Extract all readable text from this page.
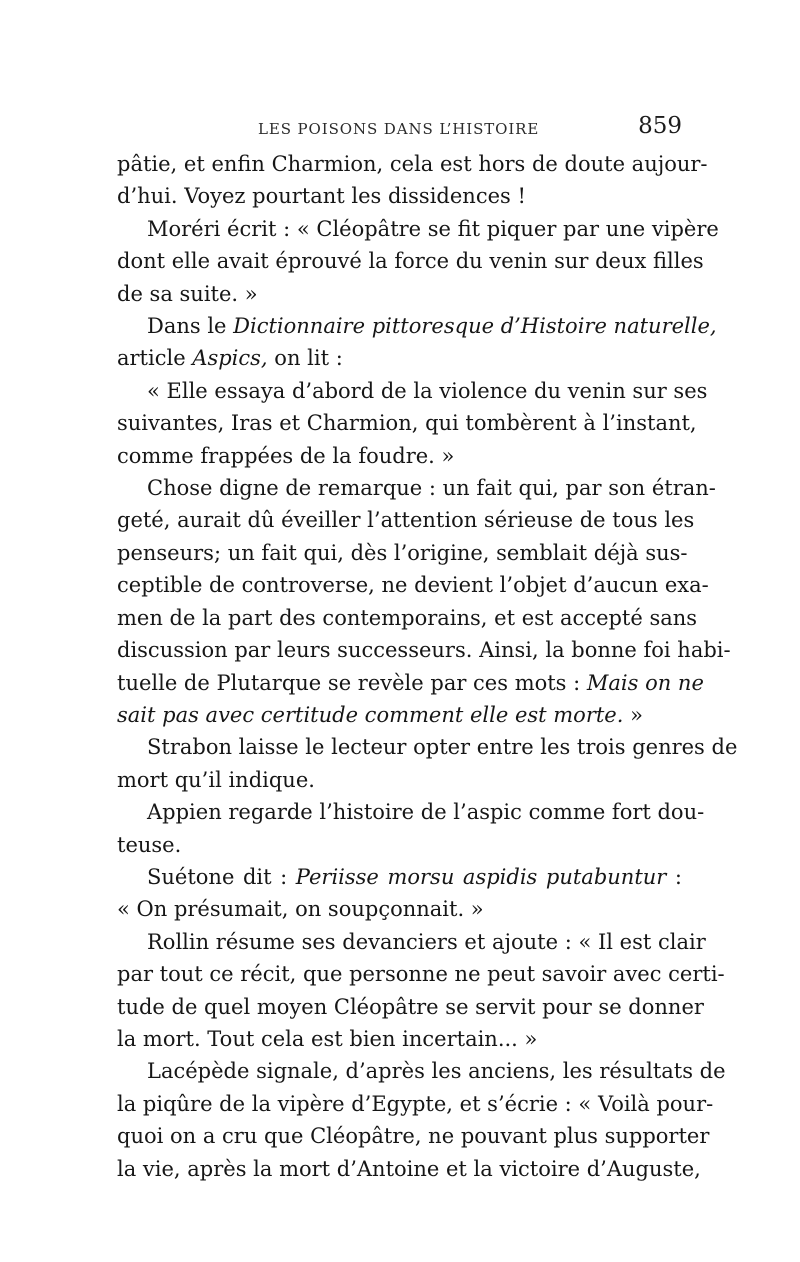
LES POISONS DANS L’HISTOIRE	859

pâtie, et enfin Charmion, cela est hors de doute aujour-
d’hui. Voyez pourtant les dissidences !

Moréri écrit : « Cléopâtre se fit piquer par une vipère
dont elle avait éprouvé la force du venin sur deux filles
de sa suite. »

Dans le Dictionnaire pittoresque d’Histoire naturelle,
article Aspics, on lit :

« Elle essaya d’abord de la violence du venin sur ses
suivantes, Iras et Charmion, qui tombèrent à l’instant,
comme frappées de la foudre. »

Chose digne de remarque : un fait qui, par son étran-
geté, aurait dû éveiller l’attention sérieuse de tous les
penseurs; un fait qui, dès l’origine, semblait déjà sus-
ceptible de controverse, ne devient l’objet d’aucun exa-
men de la part des contemporains, et est accepté sans
discussion par leurs successeurs. Ainsi, la bonne foi habi-
tuelle de Plutarque se revèle par ces mots : Mais on ne
sait pas avec certitude comment elle est morte. »

Strabon laisse le lecteur opter entre les trois genres de
mort qu’il indique.

Appien regarde l’histoire de l’aspic comme fort dou-
teuse.

Suétone dit : Periisse morsu aspidis putabuntur :
« On présumait, on soupçonnait. »

Rollin résume ses devanciers et ajoute : « Il est clair
par tout ce récit, que personne ne peut savoir avec certi-
tude de quel moyen Cléopâtre se servit pour se donner
la mort. Tout cela est bien incertain... »

Lacépède signale, d’après les anciens, les résultats de
la piqûre de la vipère d’Egypte, et s’écrie : « Voilà pour-
quoi on a cru que Cléopâtre, ne pouvant plus supporter
la vie, après la mort d’Antoine et la victoire d’Auguste,
